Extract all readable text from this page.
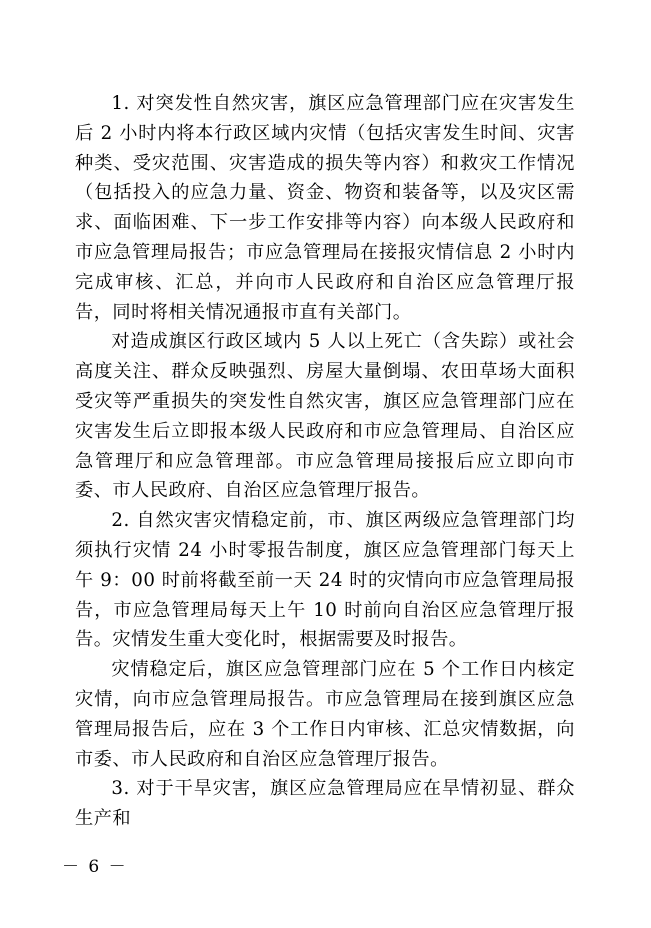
1. 对突发性自然灾害，旗区应急管理部门应在灾害发生后 2 小时内将本行政区域内灾情（包括灾害发生时间、灾害种类、受灾范围、灾害造成的损失等内容）和救灾工作情况（包括投入的应急力量、资金、物资和装备等，以及灾区需求、面临困难、下一步工作安排等内容）向本级人民政府和市应急管理局报告；市应急管理局在接报灾情信息 2 小时内完成审核、汇总，并向市人民政府和自治区应急管理厅报告，同时将相关情况通报市直有关部门。

对造成旗区行政区域内 5 人以上死亡（含失踪）或社会高度关注、群众反映强烈、房屋大量倒塌、农田草场大面积受灾等严重损失的突发性自然灾害，旗区应急管理部门应在灾害发生后立即报本级人民政府和市应急管理局、自治区应急管理厅和应急管理部。市应急管理局接报后应立即向市委、市人民政府、自治区应急管理厅报告。

2. 自然灾害灾情稳定前，市、旗区两级应急管理部门均须执行灾情 24 小时零报告制度，旗区应急管理部门每天上午 9：00 时前将截至前一天 24 时的灾情向市应急管理局报告，市应急管理局每天上午 10 时前向自治区应急管理厅报告。灾情发生重大变化时，根据需要及时报告。

灾情稳定后，旗区应急管理部门应在 5 个工作日内核定灾情，向市应急管理局报告。市应急管理局在接到旗区应急管理局报告后，应在 3 个工作日内审核、汇总灾情数据，向市委、市人民政府和自治区应急管理厅报告。

3. 对于干旱灾害，旗区应急管理局应在旱情初显、群众生产和

－ 6 －
